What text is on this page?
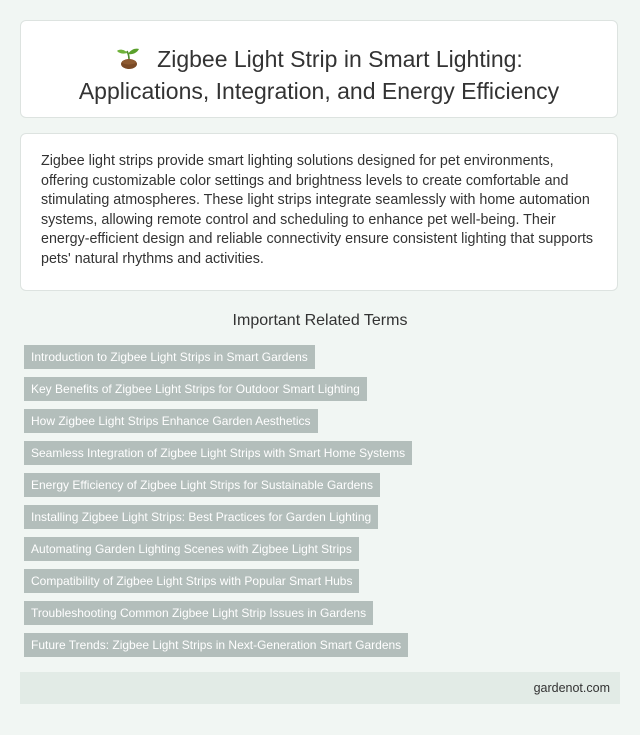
Zigbee Light Strip in Smart Lighting:
Applications, Integration, and Energy Efficiency

Zigbee light strips provide smart lighting solutions designed for pet environments, offering customizable color settings and brightness levels to create comfortable and stimulating atmospheres. These light strips integrate seamlessly with home automation systems, allowing remote control and scheduling to enhance pet well-being. Their energy-efficient design and reliable connectivity ensure consistent lighting that supports pets' natural rhythms and activities.

Important Related Terms
Introduction to Zigbee Light Strips in Smart Gardens
Key Benefits of Zigbee Light Strips for Outdoor Smart Lighting
How Zigbee Light Strips Enhance Garden Aesthetics
Seamless Integration of Zigbee Light Strips with Smart Home Systems
Energy Efficiency of Zigbee Light Strips for Sustainable Gardens
Installing Zigbee Light Strips: Best Practices for Garden Lighting
Automating Garden Lighting Scenes with Zigbee Light Strips
Compatibility of Zigbee Light Strips with Popular Smart Hubs
Troubleshooting Common Zigbee Light Strip Issues in Gardens
Future Trends: Zigbee Light Strips in Next-Generation Smart Gardens
gardenot.com
